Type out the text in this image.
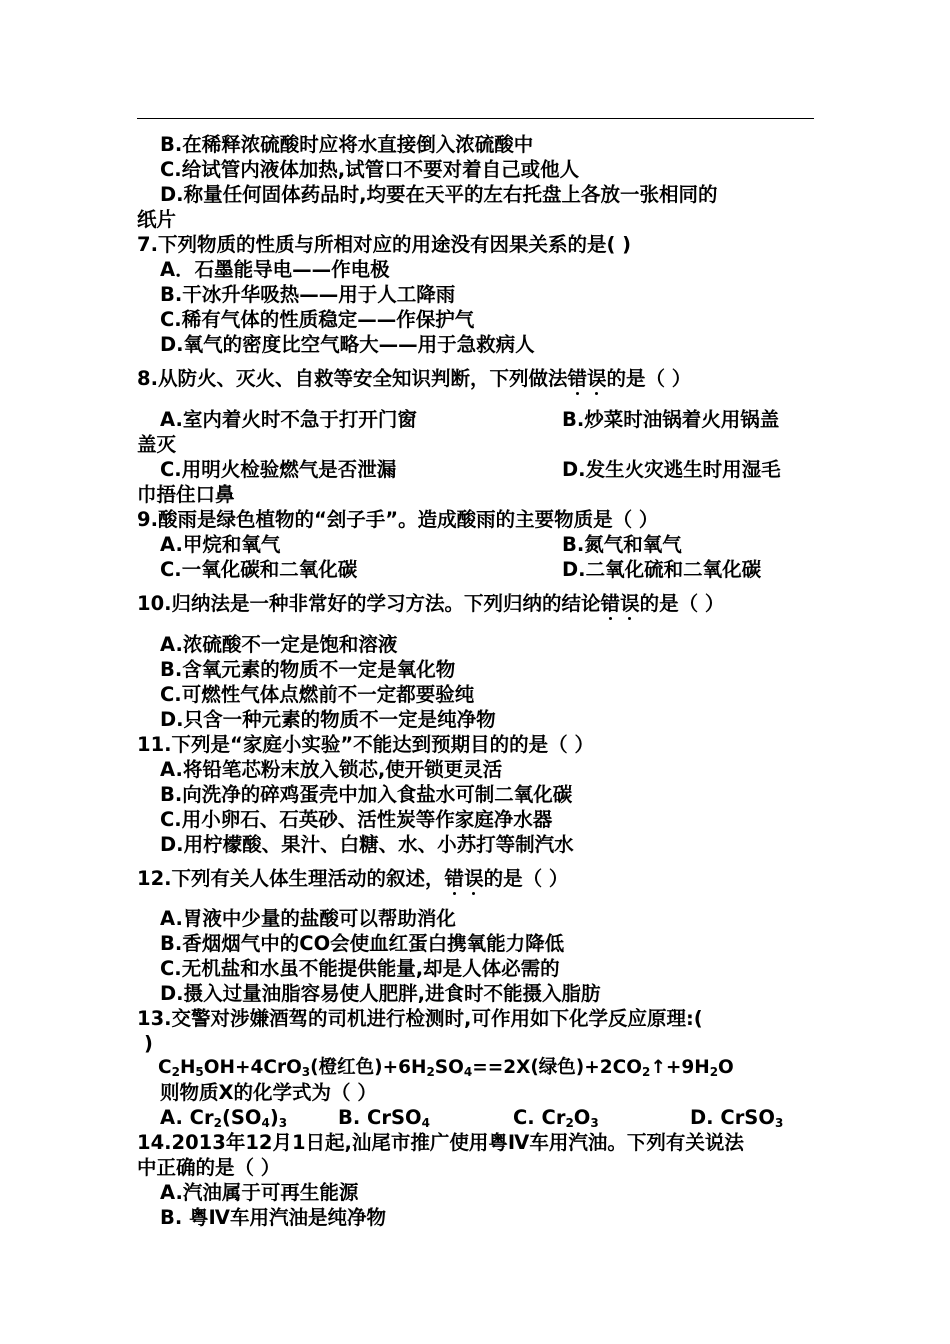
B.在稀释浓硫酸时应将水直接倒入浓硫酸中
C.给试管内液体加热,试管口不要对着自己或他人
D.称量任何固体药品时,均要在天平的左右托盘上各放一张相同的
纸片
7.下列物质的性质与所相对应的用途没有因果关系的是( )
A．石墨能导电——作电极
B.干冰升华吸热——用于人工降雨
C.稀有气体的性质稳定——作保护气
D.氧气的密度比空气略大——用于急救病人
8.从防火、灭火、自救等安全知识判断，下列做法错误的是（ ）
A.室内着火时不急于打开门窗	B.炒菜时油锅着火用锅盖
盖灭
C.用明火检验燃气是否泄漏	D.发生火灾逃生时用湿毛
巾捂住口鼻
9.酸雨是绿色植物的“刽子手”。造成酸雨的主要物质是（ ）
A.甲烷和氧气	B.氮气和氧气
C.一氧化碳和二氧化碳	D.二氧化硫和二氧化碳
10.归纳法是一种非常好的学习方法。下列归纳的结论错误的是（ ）
A.浓硫酸不一定是饱和溶液
B.含氧元素的物质不一定是氧化物
C.可燃性气体点燃前不一定都要验纯
D.只含一种元素的物质不一定是纯净物
11.下列是“家庭小实验”不能达到预期目的的是（ ）
A.将铅笔芯粉末放入锁芯,使开锁更灵活
B.向洗净的碎鸡蛋壳中加入食盐水可制二氧化碳
C.用小卵石、石英砂、活性炭等作家庭净水器
D.用柠檬酸、果汁、白糖、水、小苏打等制汽水
12.下列有关人体生理活动的叙述，错误的是（ ）
A.胃液中少量的盐酸可以帮助消化
B.香烟烟气中的CO会使血红蛋白携氧能力降低
C.无机盐和水虽不能提供能量,却是人体必需的
D.摄入过量油脂容易使人肥胖,进食时不能摄入脂肪
13.交警对涉嫌酒驾的司机进行检测时,可作用如下化学反应原理:(
)
$C_2H_5OH+4CrO_3$(橙红色)$+6H_2SO_4==2X$(绿色)$+2CO_2↑+9H_2O$
则物质X的化学式为（ ）
A. $Cr_2(SO_4)_3$	B. CrSO$_4$	C. $Cr_2O_3$	D. CrSO$_3$
14.2013年12月1日起,汕尾市推广使用粤Ⅳ车用汽油。下列有关说法
中正确的是（ ）
A.汽油属于可再生能源
B. 粤Ⅳ车用汽油是纯净物
